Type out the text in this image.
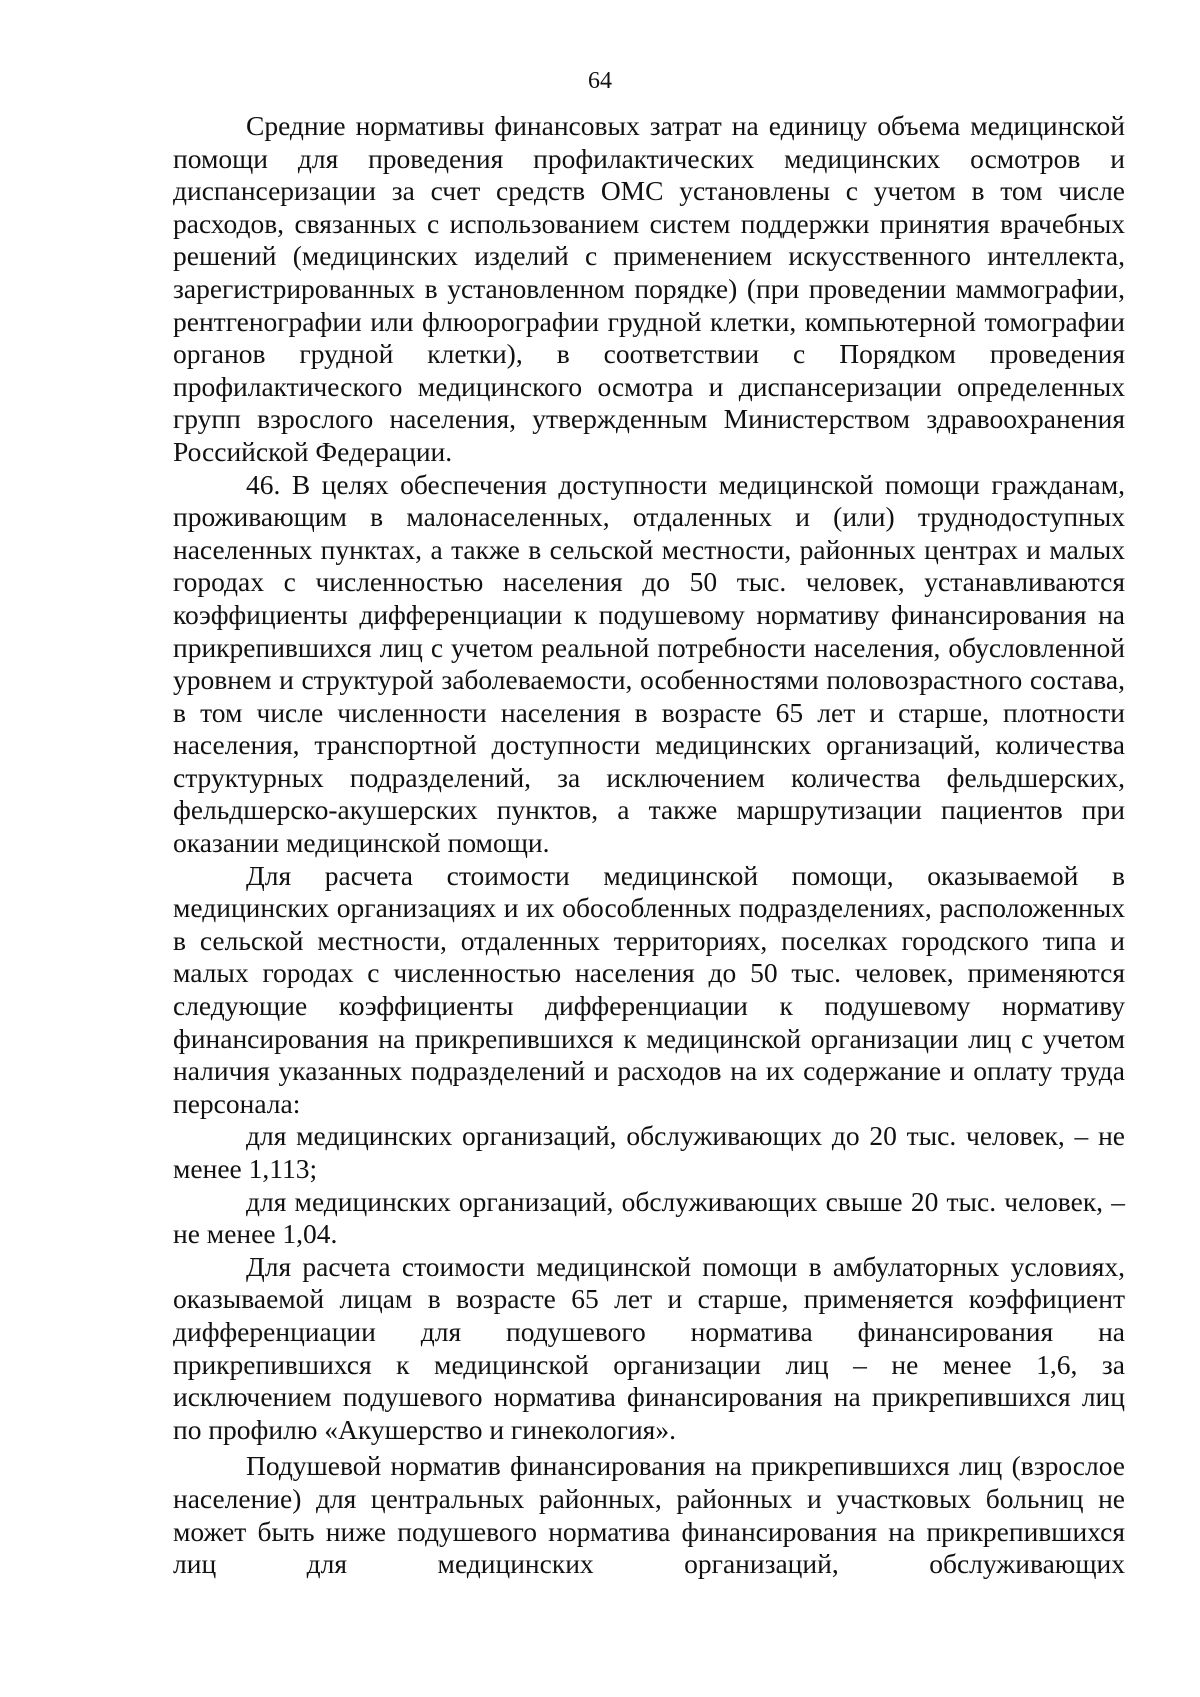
64

Средние нормативы финансовых затрат на единицу объема медицинской помощи для проведения профилактических медицинских осмотров и диспансеризации за счет средств ОМС установлены с учетом в том числе расходов, связанных с использованием систем поддержки принятия врачебных решений (медицинских изделий с применением искусственного интеллекта, зарегистрированных в установленном порядке) (при проведении маммографии, рентгенографии или флюорографии грудной клетки, компьютерной томографии органов грудной клетки), в соответствии с Порядком проведения профилактического медицинского осмотра и диспансеризации определенных групп взрослого населения, утвержденным Министерством здравоохранения Российской Федерации.

46. В целях обеспечения доступности медицинской помощи гражданам, проживающим в малонаселенных, отдаленных и (или) труднодоступных населенных пунктах, а также в сельской местности, районных центрах и малых городах с численностью населения до 50 тыс. человек, устанавливаются коэффициенты дифференциации к подушевому нормативу финансирования на прикрепившихся лиц с учетом реальной потребности населения, обусловленной уровнем и структурой заболеваемости, особенностями половозрастного состава, в том числе численности населения в возрасте 65 лет и старше, плотности населения, транспортной доступности медицинских организаций, количества структурных подразделений, за исключением количества фельдшерских, фельдшерско-акушерских пунктов, а также маршрутизации пациентов при оказании медицинской помощи.

Для расчета стоимости медицинской помощи, оказываемой в медицинских организациях и их обособленных подразделениях, расположенных в сельской местности, отдаленных территориях, поселках городского типа и малых городах с численностью населения до 50 тыс. человек, применяются следующие коэффициенты дифференциации к подушевому нормативу финансирования на прикрепившихся к медицинской организации лиц с учетом наличия указанных подразделений и расходов на их содержание и оплату труда персонала:

для медицинских организаций, обслуживающих до 20 тыс. человек, – не менее 1,113;

для медицинских организаций, обслуживающих свыше 20 тыс. человек, – не менее 1,04.

Для расчета стоимости медицинской помощи в амбулаторных условиях, оказываемой лицам в возрасте 65 лет и старше, применяется коэффициент дифференциации для подушевого норматива финансирования на прикрепившихся к медицинской организации лиц – не менее 1,6, за исключением подушевого норматива финансирования на прикрепившихся лиц по профилю «Акушерство и гинекология».

Подушевой норматив финансирования на прикрепившихся лиц (взрослое население) для центральных районных, районных и участковых больниц не может быть ниже подушевого норматива финансирования на прикрепившихся лиц для медицинских организаций, обслуживающих
